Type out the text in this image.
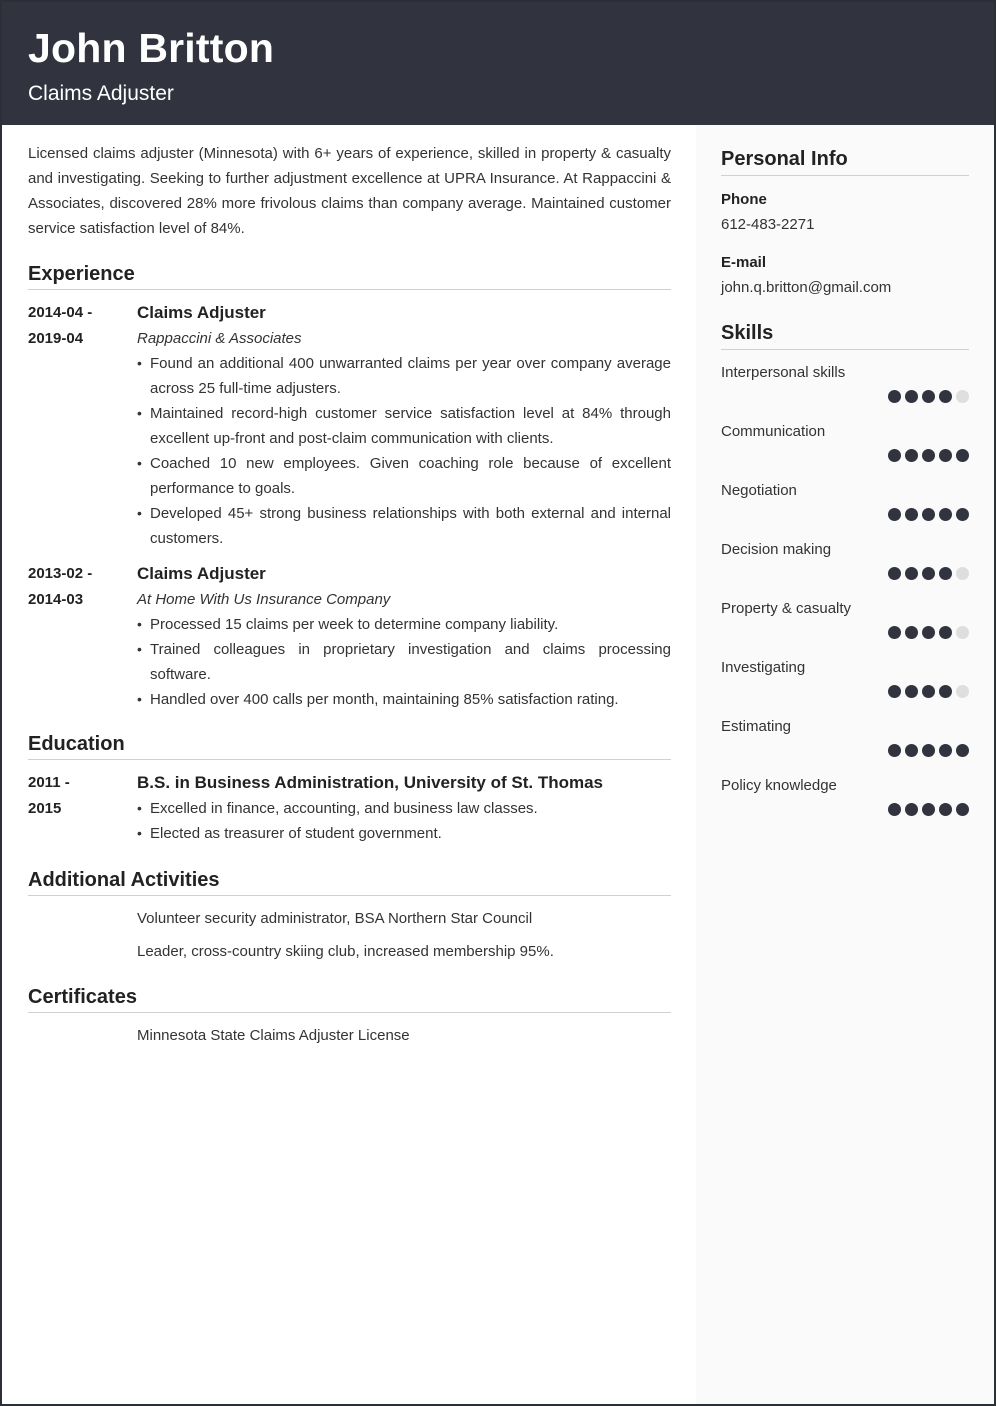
John Britton
Claims Adjuster
Personal Info
Phone
612-483-2271
E-mail
john.q.britton@gmail.com
Skills
Interpersonal skills
Communication
Negotiation
Decision making
Property & casualty
Investigating
Estimating
Policy knowledge
Licensed claims adjuster (Minnesota) with 6+ years of experience, skilled in property & casualty and investigating. Seeking to further adjustment excellence at UPRA Insurance. At Rappaccini & Associates, discovered 28% more frivolous claims than company average. Maintained customer service satisfaction level of 84%.
Experience
2014-04 -
2019-04
Claims Adjuster
Rappaccini & Associates
• Found an additional 400 unwarranted claims per year over company average across 25 full-time adjusters.
• Maintained record-high customer service satisfaction level at 84% through excellent up-front and post-claim communication with clients.
• Coached 10 new employees. Given coaching role because of excellent performance to goals.
• Developed 45+ strong business relationships with both external and internal customers.
2013-02 -
2014-03
Claims Adjuster
At Home With Us Insurance Company
• Processed 15 claims per week to determine company liability.
• Trained colleagues in proprietary investigation and claims processing software.
• Handled over 400 calls per month, maintaining 85% satisfaction rating.
Education
2011 -
2015
B.S. in Business Administration, University of St. Thomas
• Excelled in finance, accounting, and business law classes.
• Elected as treasurer of student government.
Additional Activities
Volunteer security administrator, BSA Northern Star Council
Leader, cross-country skiing club, increased membership 95%.
Certificates
Minnesota State Claims Adjuster License
